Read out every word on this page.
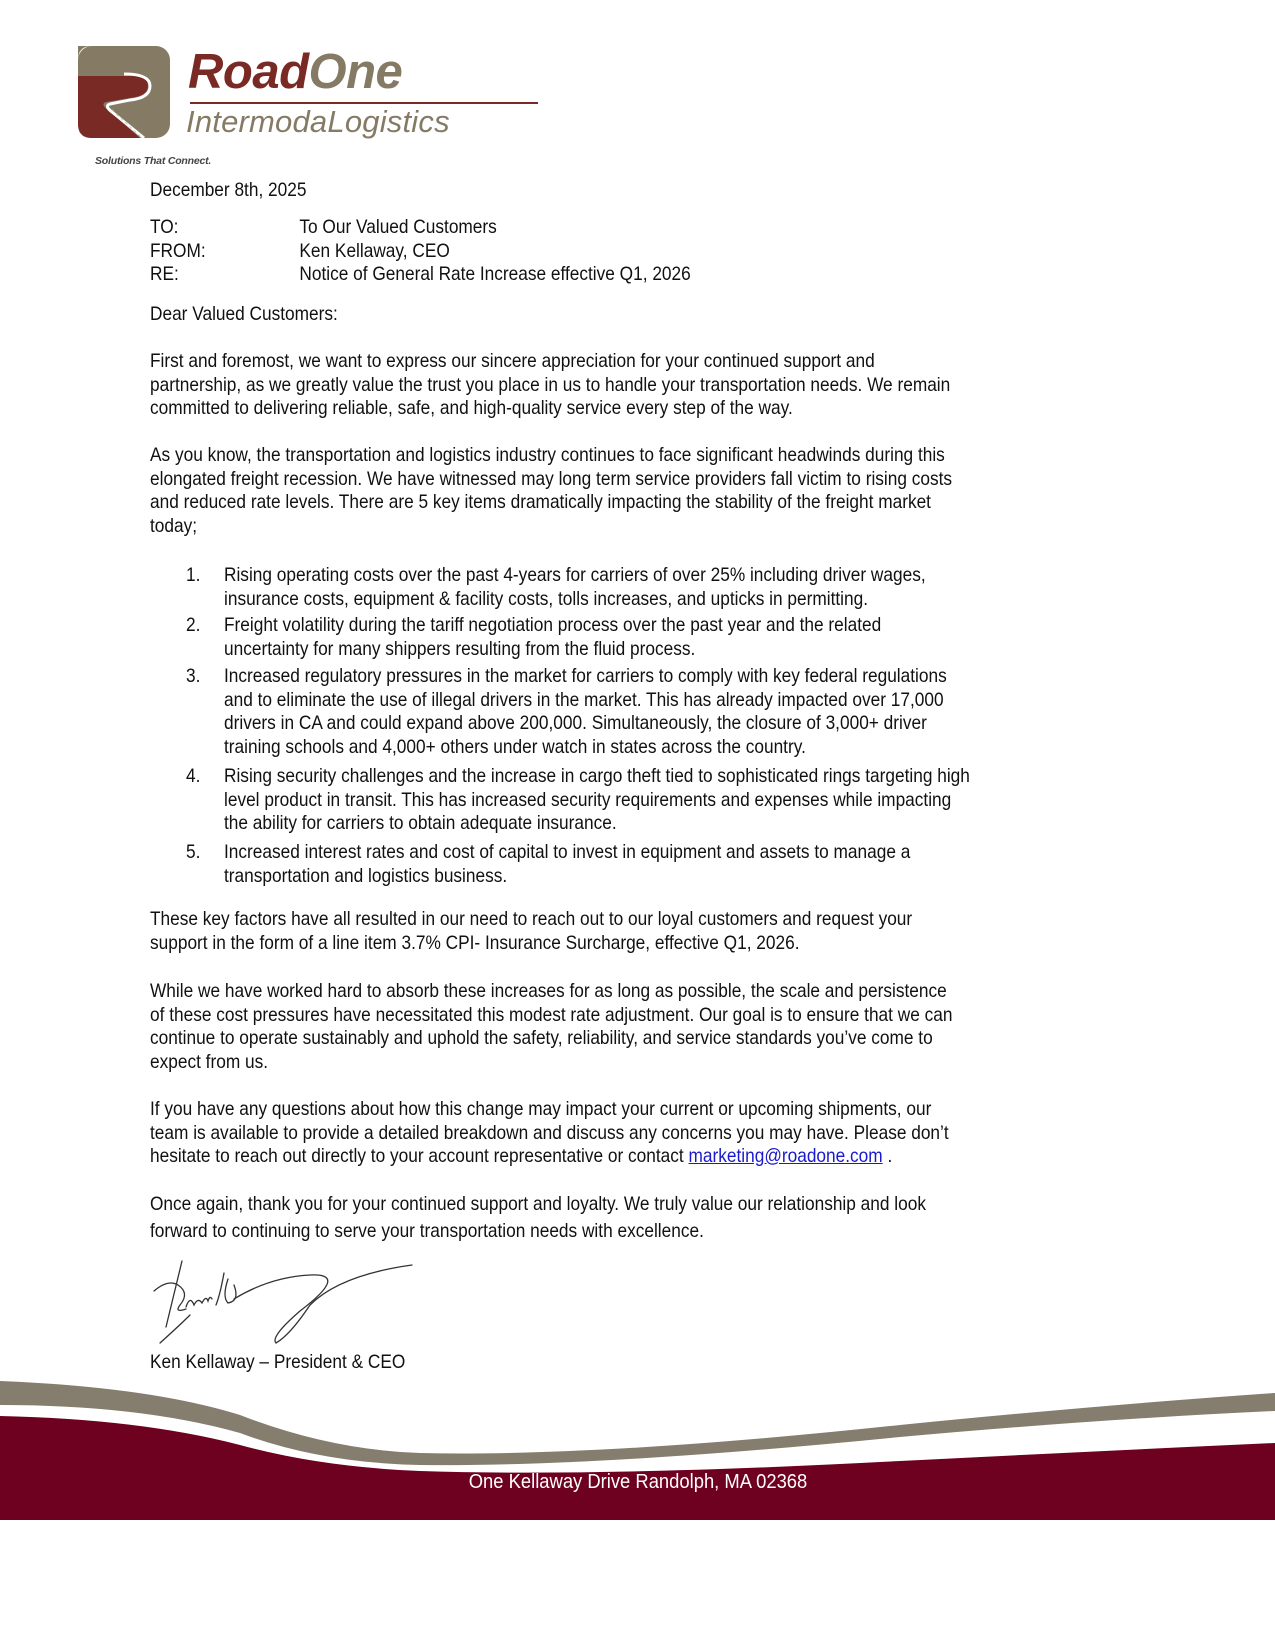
RoadOne
IntermodaLogistics
Solutions That Connect.
December 8th, 2025
TO:	To Our Valued Customers
FROM:	Ken Kellaway, CEO
RE:	Notice of General Rate Increase effective Q1, 2026
Dear Valued Customers:
First and foremost, we want to express our sincere appreciation for your continued support and
partnership, as we greatly value the trust you place in us to handle your transportation needs. We remain
committed to delivering reliable, safe, and high-quality service every step of the way.
As you know, the transportation and logistics industry continues to face significant headwinds during this
elongated freight recession. We have witnessed may long term service providers fall victim to rising costs
and reduced rate levels. There are 5 key items dramatically impacting the stability of the freight market
today;
1. Rising operating costs over the past 4-years for carriers of over 25% including driver wages,
insurance costs, equipment & facility costs, tolls increases, and upticks in permitting.
2. Freight volatility during the tariff negotiation process over the past year and the related
uncertainty for many shippers resulting from the fluid process.
3. Increased regulatory pressures in the market for carriers to comply with key federal regulations
and to eliminate the use of illegal drivers in the market. This has already impacted over 17,000
drivers in CA and could expand above 200,000. Simultaneously, the closure of 3,000+ driver
training schools and 4,000+ others under watch in states across the country.
4. Rising security challenges and the increase in cargo theft tied to sophisticated rings targeting high
level product in transit. This has increased security requirements and expenses while impacting
the ability for carriers to obtain adequate insurance.
5. Increased interest rates and cost of capital to invest in equipment and assets to manage a
transportation and logistics business.
These key factors have all resulted in our need to reach out to our loyal customers and request your
support in the form of a line item 3.7% CPI- Insurance Surcharge, effective Q1, 2026.
While we have worked hard to absorb these increases for as long as possible, the scale and persistence
of these cost pressures have necessitated this modest rate adjustment. Our goal is to ensure that we can
continue to operate sustainably and uphold the safety, reliability, and service standards you’ve come to
expect from us.
If you have any questions about how this change may impact your current or upcoming shipments, our
team is available to provide a detailed breakdown and discuss any concerns you may have. Please don’t
hesitate to reach out directly to your account representative or contact marketing@roadone.com .
Once again, thank you for your continued support and loyalty. We truly value our relationship and look
forward to continuing to serve your transportation needs with excellence.
Ken Kellaway – President & CEO
One Kellaway Drive Randolph, MA 02368
